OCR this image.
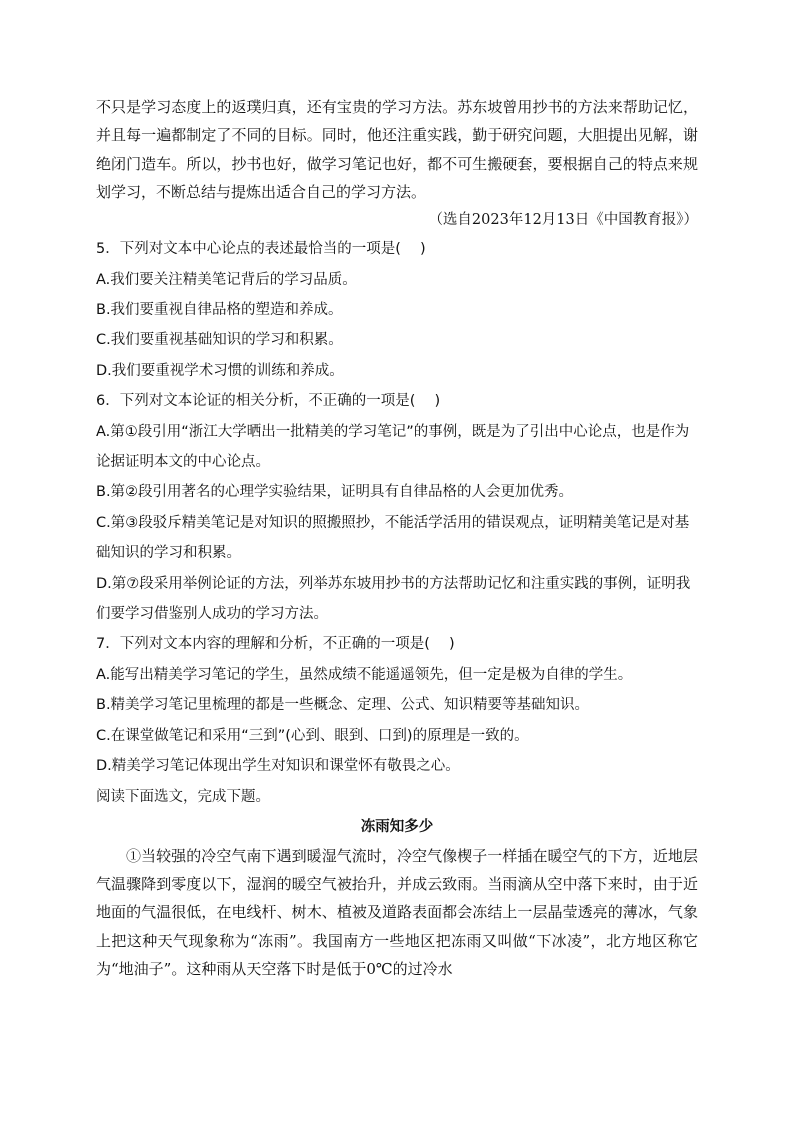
不只是学习态度上的返璞归真，还有宝贵的学习方法。苏东坡曾用抄书的方法来帮助记忆，并且每一遍都制定了不同的目标。同时，他还注重实践，勤于研究问题，大胆提出见解，谢绝闭门造车。所以，抄书也好，做学习笔记也好，都不可生搬硬套，要根据自己的特点来规划学习，不断总结与提炼出适合自己的学习方法。

（选自2023年12月13日《中国教育报》）

5．下列对文本中心论点的表述最恰当的一项是(　 )

A.我们要关注精美笔记背后的学习品质。

B.我们要重视自律品格的塑造和养成。

C.我们要重视基础知识的学习和积累。

D.我们要重视学术习惯的训练和养成。

6．下列对文本论证的相关分析，不正确的一项是(　 )

A.第①段引用“浙江大学晒出一批精美的学习笔记”的事例，既是为了引出中心论点，也是作为论据证明本文的中心论点。

B.第②段引用著名的心理学实验结果，证明具有自律品格的人会更加优秀。

C.第③段驳斥精美笔记是对知识的照搬照抄，不能活学活用的错误观点，证明精美笔记是对基础知识的学习和积累。

D.第⑦段采用举例论证的方法，列举苏东坡用抄书的方法帮助记忆和注重实践的事例，证明我们要学习借鉴别人成功的学习方法。

7．下列对文本内容的理解和分析，不正确的一项是(　 )

A.能写出精美学习笔记的学生，虽然成绩不能遥遥领先，但一定是极为自律的学生。

B.精美学习笔记里梳理的都是一些概念、定理、公式、知识精要等基础知识。

C.在课堂做笔记和采用“三到”(心到、眼到、口到)的原理是一致的。

D.精美学习笔记体现出学生对知识和课堂怀有敬畏之心。

阅读下面选文，完成下题。

冻雨知多少

①当较强的冷空气南下遇到暖湿气流时，冷空气像楔子一样插在暖空气的下方，近地层气温骤降到零度以下，湿润的暖空气被抬升，并成云致雨。当雨滴从空中落下来时，由于近地面的气温很低，在电线杆、树木、植被及道路表面都会冻结上一层晶莹透亮的薄冰，气象上把这种天气现象称为“冻雨”。我国南方一些地区把冻雨又叫做“下冰凌”，北方地区称它为“地油子”。这种雨从天空落下时是低于0℃的过冷水
